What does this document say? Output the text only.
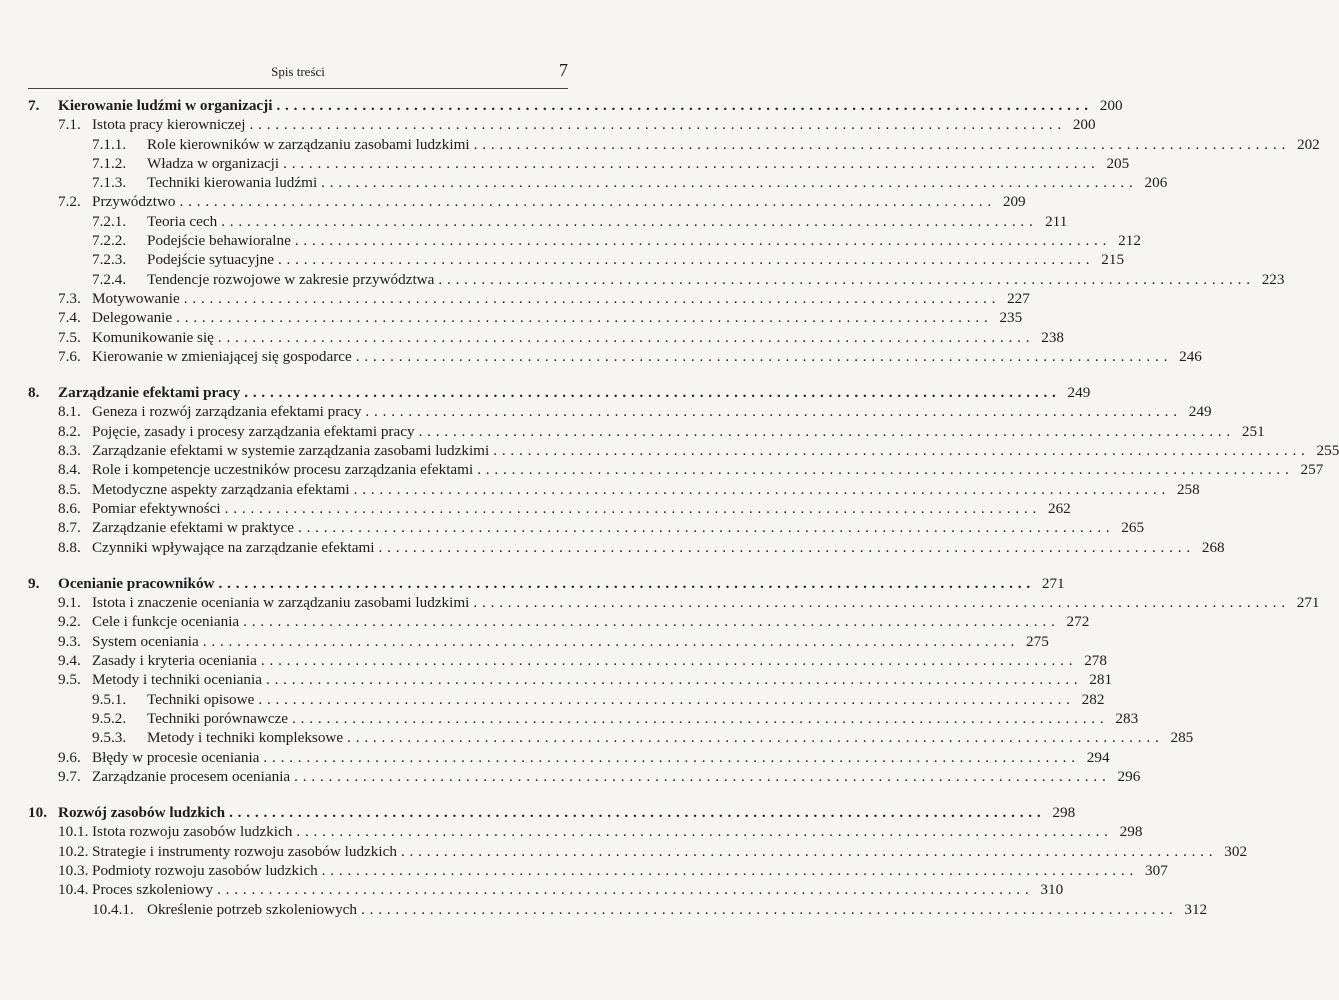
Spis treści	7
7.	Kierowanie ludźmi w organizacji . . .	200
7.1. Istota pracy kierowniczej . . .	200
7.1.1.	Role kierowników w zarządzaniu zasobami ludzkimi . . .	202
7.1.2.	Władza w organizacji . . .	205
7.1.3.	Techniki kierowania ludźmi . . .	206
7.2. Przywództwo . . .	209
7.2.1.	Teoria cech . . .	211
7.2.2.	Podejście behawioralne . . .	212
7.2.3.	Podejście sytuacyjne . . .	215
7.2.4.	Tendencje rozwojowe w zakresie przywództwa . . .	223
7.3. Motywowanie . . .	227
7.4. Delegowanie . . .	235
7.5. Komunikowanie się . . .	238
7.6. Kierowanie w zmieniającej się gospodarce . . .	246
8.	Zarządzanie efektami pracy . . .	249
8.1. Geneza i rozwój zarządzania efektami pracy . . .	249
8.2. Pojęcie, zasady i procesy zarządzania efektami pracy . . .	251
8.3. Zarządzanie efektami w systemie zarządzania zasobami ludzkimi . . .	255
8.4. Role i kompetencje uczestników procesu zarządzania efektami . . .	257
8.5. Metodyczne aspekty zarządzania efektami . . .	258
8.6. Pomiar efektywności . . .	262
8.7. Zarządzanie efektami w praktyce . . .	265
8.8. Czynniki wpływające na zarządzanie efektami . . .	268
9.	Ocenianie pracowników . . .	271
9.1. Istota i znaczenie oceniania w zarządzaniu zasobami ludzkimi . . .	271
9.2. Cele i funkcje oceniania . . .	272
9.3. System oceniania . . .	275
9.4. Zasady i kryteria oceniania . . .	278
9.5. Metody i techniki oceniania . . .	281
9.5.1.	Techniki opisowe . . .	282
9.5.2.	Techniki porównawcze . . .	283
9.5.3.	Metody i techniki kompleksowe . . .	285
9.6. Błędy w procesie oceniania . . .	294
9.7. Zarządzanie procesem oceniania . . .	296
10. Rozwój zasobów ludzkich . . .	298
10.1. Istota rozwoju zasobów ludzkich . . .	298
10.2. Strategie i instrumenty rozwoju zasobów ludzkich . . .	302
10.3. Podmioty rozwoju zasobów ludzkich . . .	307
10.4. Proces szkoleniowy . . .	310
10.4.1. Określenie potrzeb szkoleniowych . . .	312
